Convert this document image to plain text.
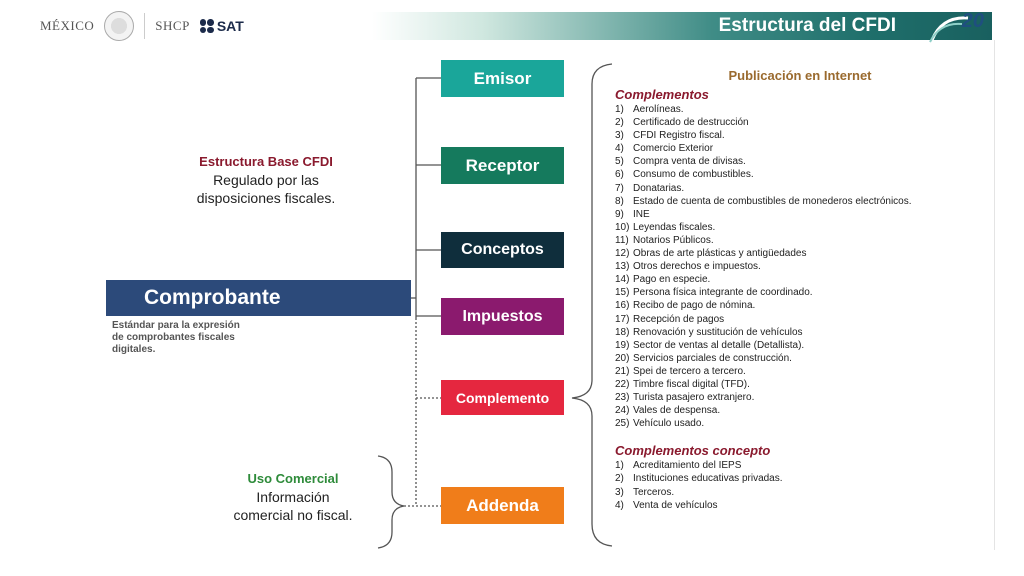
MÉXICO	SHCP SAT	Estructura del CFDI	20
Emisor
Receptor
Conceptos
Impuestos
Complemento
Addenda
Comprobante
Estructura Base CFDI
Regulado por las
disposiciones fiscales.
Estándar para la expresión
de comprobantes fiscales
digitales.
Uso Comercial
Información
comercial no fiscal.
Publicación en Internet
Complementos
1) Aerolíneas.
2) Certificado de destrucción
3) CFDI Registro fiscal.
4) Comercio Exterior
5) Compra venta de divisas.
6) Consumo de combustibles.
7) Donatarias.
8) Estado de cuenta de combustibles de monederos electrónicos.
9) INE
10) Leyendas fiscales.
11) Notarios Públicos.
12) Obras de arte plásticas y antigüedades
13) Otros derechos e impuestos.
14) Pago en especie.
15) Persona física integrante de coordinado.
16) Recibo de pago de nómina.
17) Recepción de pagos
18) Renovación y sustitución de vehículos
19) Sector de ventas al detalle (Detallista).
20) Servicios parciales de construcción.
21) Spei de tercero a tercero.
22) Timbre fiscal digital (TFD).
23) Turista pasajero extranjero.
24) Vales de despensa.
25) Vehículo usado.
Complementos concepto
1) Acreditamiento del IEPS
2) Instituciones educativas privadas.
3) Terceros.
4) Venta de vehículos
